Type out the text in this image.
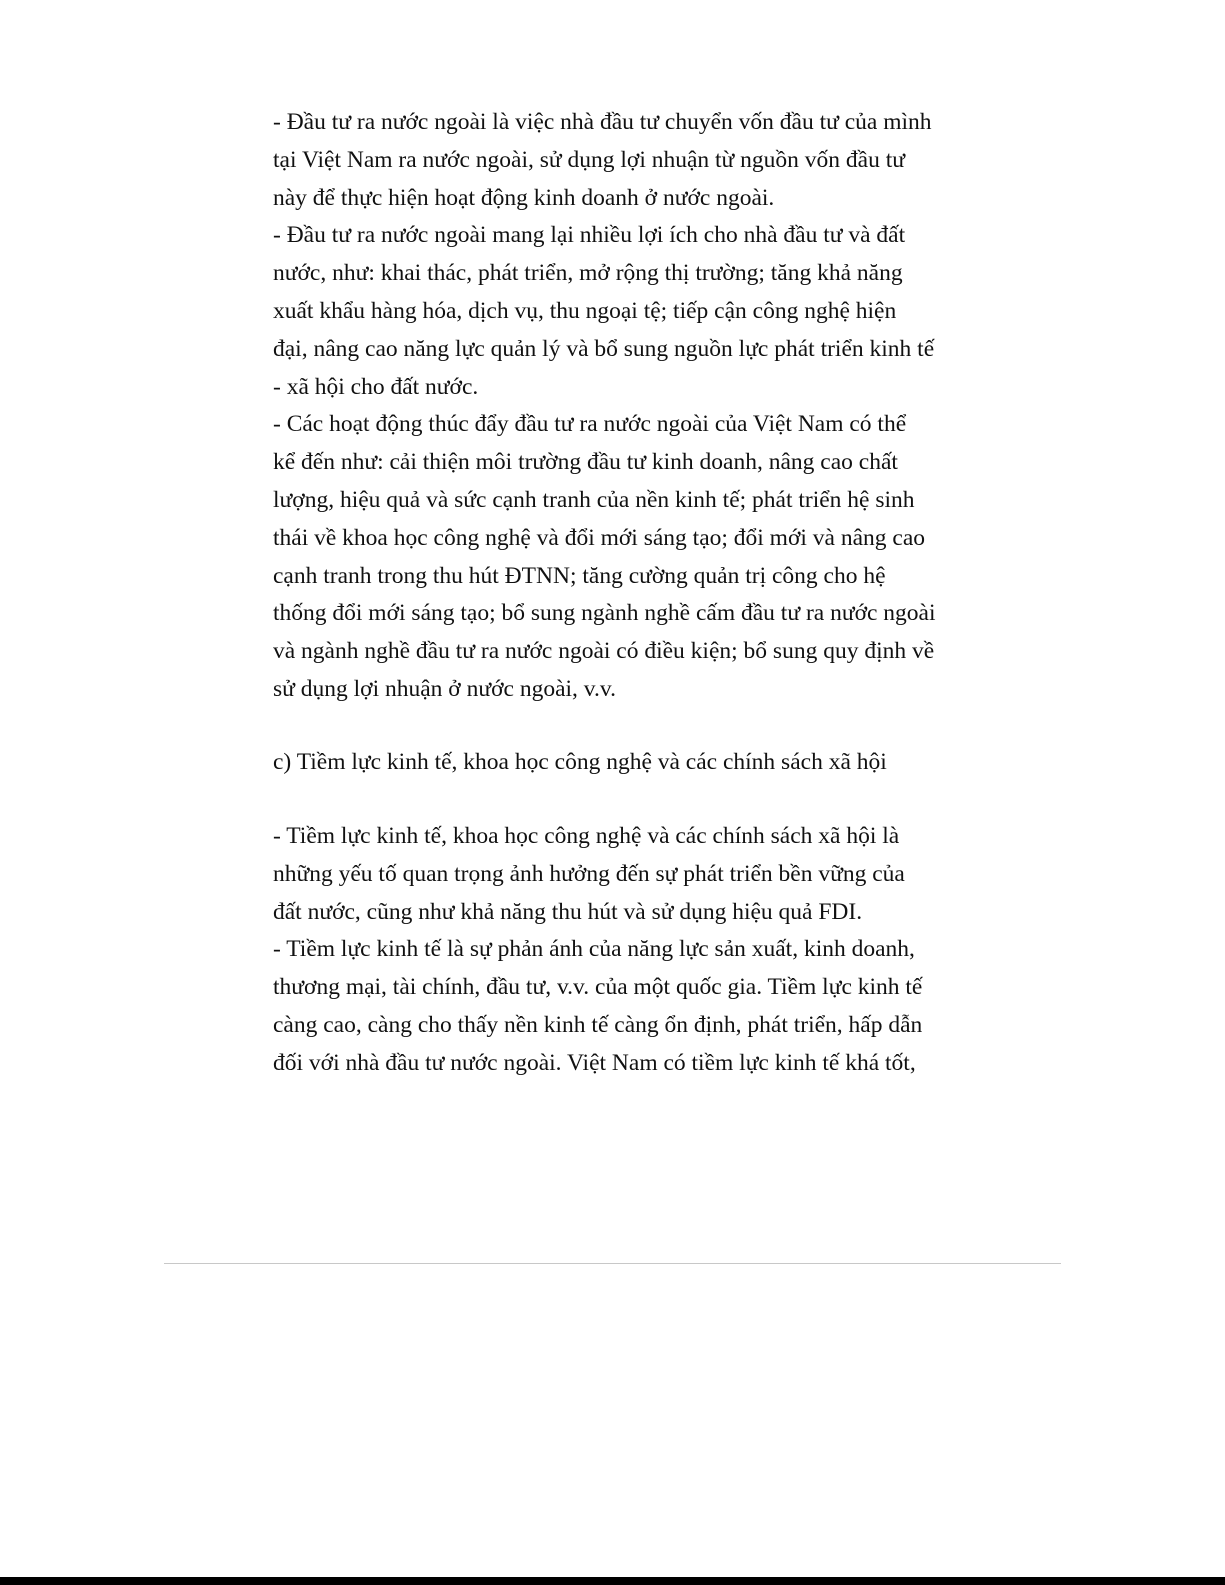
- Đầu tư ra nước ngoài là việc nhà đầu tư chuyển vốn đầu tư của mình
tại Việt Nam ra nước ngoài, sử dụng lợi nhuận từ nguồn vốn đầu tư
này để thực hiện hoạt động kinh doanh ở nước ngoài.
- Đầu tư ra nước ngoài mang lại nhiều lợi ích cho nhà đầu tư và đất
nước, như: khai thác, phát triển, mở rộng thị trường; tăng khả năng
xuất khẩu hàng hóa, dịch vụ, thu ngoại tệ; tiếp cận công nghệ hiện
đại, nâng cao năng lực quản lý và bổ sung nguồn lực phát triển kinh tế
- xã hội cho đất nước.
- Các hoạt động thúc đẩy đầu tư ra nước ngoài của Việt Nam có thể
kể đến như: cải thiện môi trường đầu tư kinh doanh, nâng cao chất
lượng, hiệu quả và sức cạnh tranh của nền kinh tế; phát triển hệ sinh
thái về khoa học công nghệ và đổi mới sáng tạo; đổi mới và nâng cao
cạnh tranh trong thu hút ĐTNN; tăng cường quản trị công cho hệ
thống đổi mới sáng tạo; bổ sung ngành nghề cấm đầu tư ra nước ngoài
và ngành nghề đầu tư ra nước ngoài có điều kiện; bổ sung quy định về
sử dụng lợi nhuận ở nước ngoài, v.v.

c) Tiềm lực kinh tế, khoa học công nghệ và các chính sách xã hội

- Tiềm lực kinh tế, khoa học công nghệ và các chính sách xã hội là
những yếu tố quan trọng ảnh hưởng đến sự phát triển bền vững của
đất nước, cũng như khả năng thu hút và sử dụng hiệu quả FDI.
- Tiềm lực kinh tế là sự phản ánh của năng lực sản xuất, kinh doanh,
thương mại, tài chính, đầu tư, v.v. của một quốc gia. Tiềm lực kinh tế
càng cao, càng cho thấy nền kinh tế càng ổn định, phát triển, hấp dẫn
đối với nhà đầu tư nước ngoài. Việt Nam có tiềm lực kinh tế khá tốt,
